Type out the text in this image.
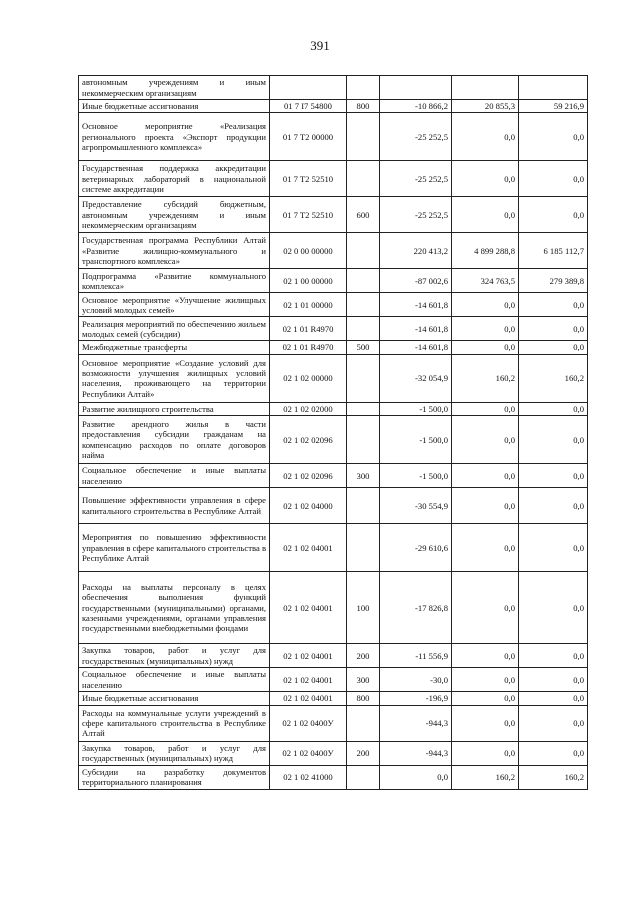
391
автономным учреждениям и иным некоммерческим организациям					
Иные бюджетные ассигнования	01 7 I7 54800	800	-10 866,2	20 855,3	59 216,9
Основное мероприятие «Реализация регионального проекта «Экспорт продукции агропромышленного комплекса»	01 7 T2 00000		-25 252,5	0,0	0,0
Государственная поддержка аккредитации ветеринарных лабораторий в национальной системе аккредитации	01 7 T2 52510		-25 252,5	0,0	0,0
Предоставление субсидий бюджетным, автономным учреждениям и иным некоммерческим организациям	01 7 T2 52510	600	-25 252,5	0,0	0,0
Государственная программа Республики Алтай «Развитие жилищно-коммунального и транспортного комплекса»	02 0 00 00000		220 413,2	4 899 288,8	6 185 112,7
Подпрограмма «Развитие коммунального комплекса»	02 1 00 00000		-87 002,6	324 763,5	279 389,8
Основное мероприятие «Улучшение жилищных условий молодых семей»	02 1 01 00000		-14 601,8	0,0	0,0
Реализация мероприятий по обеспечению жильем молодых семей (субсидии)	02 1 01 R4970		-14 601,8	0,0	0,0
Межбюджетные трансферты	02 1 01 R4970	500	-14 601,8	0,0	0,0
Основное мероприятие «Создание условий для возможности улучшения жилищных условий населения, проживающего на территории Республики Алтай»	02 1 02 00000		-32 054,9	160,2	160,2
Развитие жилищного строительства	02 1 02 02000		-1 500,0	0,0	0,0
Развитие арендного жилья в части предоставления субсидии гражданам на компенсацию расходов по оплате договоров найма	02 1 02 02096		-1 500,0	0,0	0,0
Социальное обеспечение и иные выплаты населению	02 1 02 02096	300	-1 500,0	0,0	0,0
Повышение эффективности управления в сфере капитального строительства в Республике Алтай	02 1 02 04000		-30 554,9	0,0	0,0
Мероприятия по повышению эффективности управления в сфере капитального строительства в Республике Алтай	02 1 02 04001		-29 610,6	0,0	0,0
Расходы на выплаты персоналу в целях обеспечения выполнения функций государственными (муниципальными) органами, казенными учреждениями, органами управления государственными внебюджетными фондами	02 1 02 04001	100	-17 826,8	0,0	0,0
Закупка товаров, работ и услуг для государственных (муниципальных) нужд	02 1 02 04001	200	-11 556,9	0,0	0,0
Социальное обеспечение и иные выплаты населению	02 1 02 04001	300	-30,0	0,0	0,0
Иные бюджетные ассигнования	02 1 02 04001	800	-196,9	0,0	0,0
Расходы на коммунальные услуги учреждений в сфере капитального строительства в Республике Алтай	02 1 02 0400У		-944,3	0,0	0,0
Закупка товаров, работ и услуг для государственных (муниципальных) нужд	02 1 02 0400У	200	-944,3	0,0	0,0
Субсидии на разработку документов территориального планирования	02 1 02 41000		0,0	160,2	160,2
